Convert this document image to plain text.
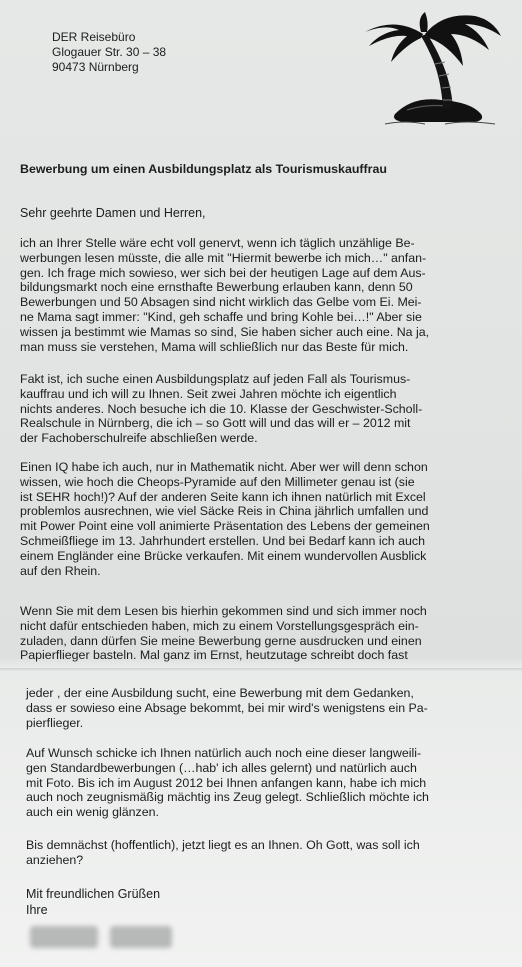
DER Reisebüro
Glogauer Str. 30 – 38
90473 Nürnberg
Bewerbung um einen Ausbildungsplatz als Tourismuskauffrau
Sehr geehrte Damen und Herren,
ich an Ihrer Stelle wäre echt voll genervt, wenn ich täglich unzählige Be-
werbungen lesen müsste, die alle mit "Hiermit bewerbe ich mich…" anfan-
gen. Ich frage mich sowieso, wer sich bei der heutigen Lage auf dem Aus-
bildungsmarkt noch eine ernsthafte Bewerbung erlauben kann, denn 50
Bewerbungen und 50 Absagen sind nicht wirklich das Gelbe vom Ei. Mei-
ne Mama sagt immer: "Kind, geh schaffe und bring Kohle bei…!" Aber sie
wissen ja bestimmt wie Mamas so sind, Sie haben sicher auch eine. Na ja,
man muss sie verstehen, Mama will schließlich nur das Beste für mich.
Fakt ist, ich suche einen Ausbildungsplatz auf jeden Fall als Tourismus-
kauffrau und ich will zu Ihnen. Seit zwei Jahren möchte ich eigentlich
nichts anderes. Noch besuche ich die 10. Klasse der Geschwister-Scholl-
Realschule in Nürnberg, die ich – so Gott will und das will er – 2012 mit
der Fachoberschulreife abschließen werde.
Einen IQ habe ich auch, nur in Mathematik nicht. Aber wer will denn schon
wissen, wie hoch die Cheops-Pyramide auf den Millimeter genau ist (sie
ist SEHR hoch!)? Auf der anderen Seite kann ich ihnen natürlich mit Excel
problemlos ausrechnen, wie viel Säcke Reis in China jährlich umfallen und
mit Power Point eine voll animierte Präsentation des Lebens der gemeinen
Schmeißfliege im 13. Jahrhundert erstellen. Und bei Bedarf kann ich auch
einem Engländer eine Brücke verkaufen. Mit einem wundervollen Ausblick
auf den Rhein.
Wenn Sie mit dem Lesen bis hierhin gekommen sind und sich immer noch
nicht dafür entschieden haben, mich zu einem Vorstellungsgespräch ein-
zuladen, dann dürfen Sie meine Bewerbung gerne ausdrucken und einen
Papierflieger basteln. Mal ganz im Ernst, heutzutage schreibt doch fast
jeder , der eine Ausbildung sucht, eine Bewerbung mit dem Gedanken,
dass er sowieso eine Absage bekommt, bei mir wird's wenigstens ein Pa-
pierflieger.
Auf Wunsch schicke ich Ihnen natürlich auch noch eine dieser langweili-
gen Standardbewerbungen (…hab' ich alles gelernt) und natürlich auch
mit Foto. Bis ich im August 2012 bei Ihnen anfangen kann, habe ich mich
auch noch zeugnismäßig mächtig ins Zeug gelegt. Schließlich möchte ich
auch ein wenig glänzen.
Bis demnächst (hoffentlich), jetzt liegt es an Ihnen. Oh Gott, was soll ich
anziehen?
Mit freundlichen Grüßen
Ihre
